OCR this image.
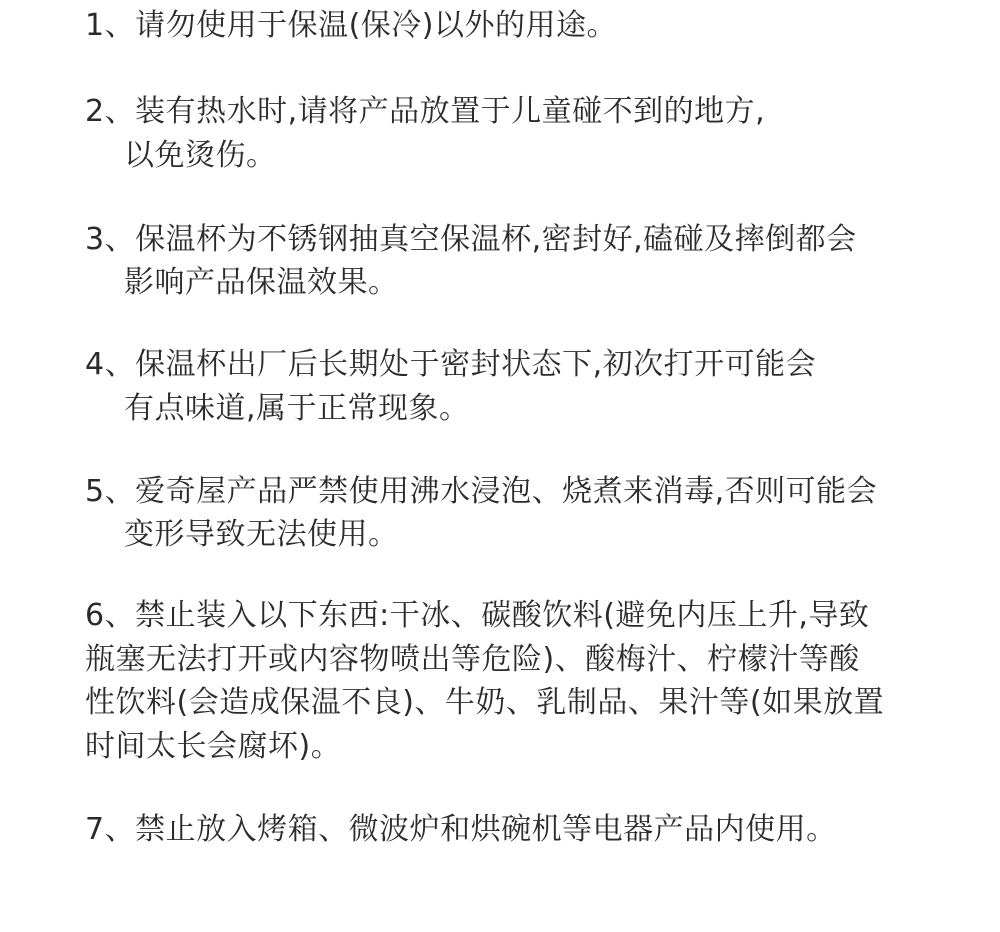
1、请勿使用于保温(保冷)以外的用途。
2、装有热水时,请将产品放置于儿童碰不到的地方,
以免烫伤。
3、保温杯为不锈钢抽真空保温杯,密封好,磕碰及摔倒都会
影响产品保温效果。
4、保温杯出厂后长期处于密封状态下,初次打开可能会
有点味道,属于正常现象。
5、爱奇屋产品严禁使用沸水浸泡、烧煮来消毒,否则可能会
变形导致无法使用。
6、禁止装入以下东西:干冰、碳酸饮料(避免内压上升,导致
瓶塞无法打开或内容物喷出等危险)、酸梅汁、柠檬汁等酸
性饮料(会造成保温不良)、牛奶、乳制品、果汁等(如果放置
时间太长会腐坏)。
7、禁止放入烤箱、微波炉和烘碗机等电器产品内使用。
